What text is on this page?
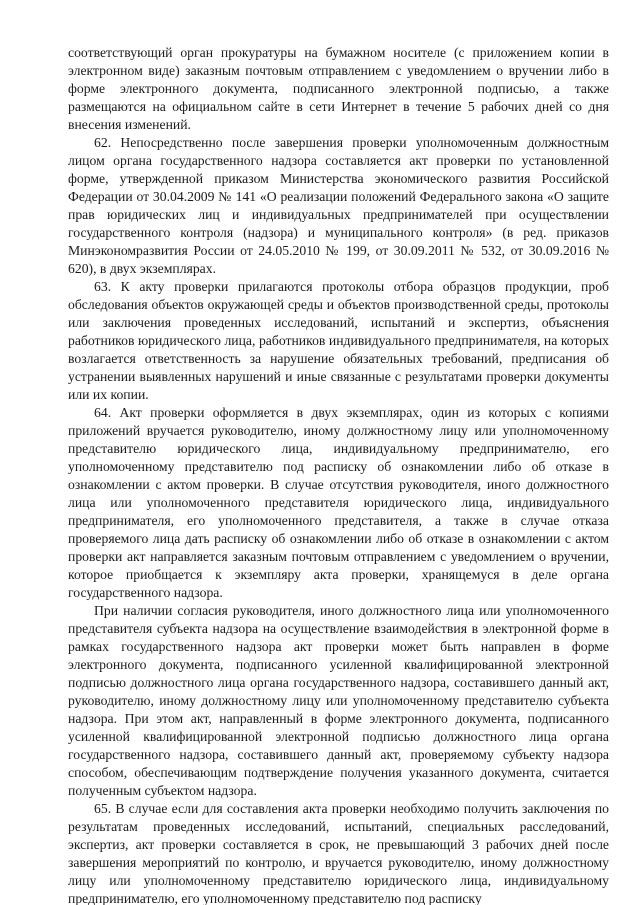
соответствующий орган прокуратуры на бумажном носителе (с приложением копии в электронном виде) заказным почтовым отправлением с уведомлением о вручении либо в форме электронного документа, подписанного электронной подписью, а также размещаются на официальном сайте в сети Интернет в течение 5 рабочих дней со дня внесения изменений.

62. Непосредственно после завершения проверки уполномоченным должностным лицом органа государственного надзора составляется акт проверки по установленной форме, утвержденной приказом Министерства экономического развития Российской Федерации от 30.04.2009 № 141 «О реализации положений Федерального закона «О защите прав юридических лиц и индивидуальных предпринимателей при осуществлении государственного контроля (надзора) и муниципального контроля» (в ред. приказов Минэкономразвития России от 24.05.2010 № 199, от 30.09.2011 № 532, от 30.09.2016 № 620), в двух экземплярах.

63. К акту проверки прилагаются протоколы отбора образцов продукции, проб обследования объектов окружающей среды и объектов производственной среды, протоколы или заключения проведенных исследований, испытаний и экспертиз, объяснения работников юридического лица, работников индивидуального предпринимателя, на которых возлагается ответственность за нарушение обязательных требований, предписания об устранении выявленных нарушений и иные связанные с результатами проверки документы или их копии.

64. Акт проверки оформляется в двух экземплярах, один из которых с копиями приложений вручается руководителю, иному должностному лицу или уполномоченному представителю юридического лица, индивидуальному предпринимателю, его уполномоченному представителю под расписку об ознакомлении либо об отказе в ознакомлении с актом проверки. В случае отсутствия руководителя, иного должностного лица или уполномоченного представителя юридического лица, индивидуального предпринимателя, его уполномоченного представителя, а также в случае отказа проверяемого лица дать расписку об ознакомлении либо об отказе в ознакомлении с актом проверки акт направляется заказным почтовым отправлением с уведомлением о вручении, которое приобщается к экземпляру акта проверки, хранящемуся в деле органа государственного надзора.

При наличии согласия руководителя, иного должностного лица или уполномоченного представителя субъекта надзора на осуществление взаимодействия в электронной форме в рамках государственного надзора акт проверки может быть направлен в форме электронного документа, подписанного усиленной квалифицированной электронной подписью должностного лица органа государственного надзора, составившего данный акт, руководителю, иному должностному лицу или уполномоченному представителю субъекта надзора. При этом акт, направленный в форме электронного документа, подписанного усиленной квалифицированной электронной подписью должностного лица органа государственного надзора, составившего данный акт, проверяемому субъекту надзора способом, обеспечивающим подтверждение получения указанного документа, считается полученным субъектом надзора.

65. В случае если для составления акта проверки необходимо получить заключения по результатам проведенных исследований, испытаний, специальных расследований, экспертиз, акт проверки составляется в срок, не превышающий 3 рабочих дней после завершения мероприятий по контролю, и вручается руководителю, иному должностному лицу или уполномоченному представителю юридического лица, индивидуальному предпринимателю, его уполномоченному представителю под расписку
